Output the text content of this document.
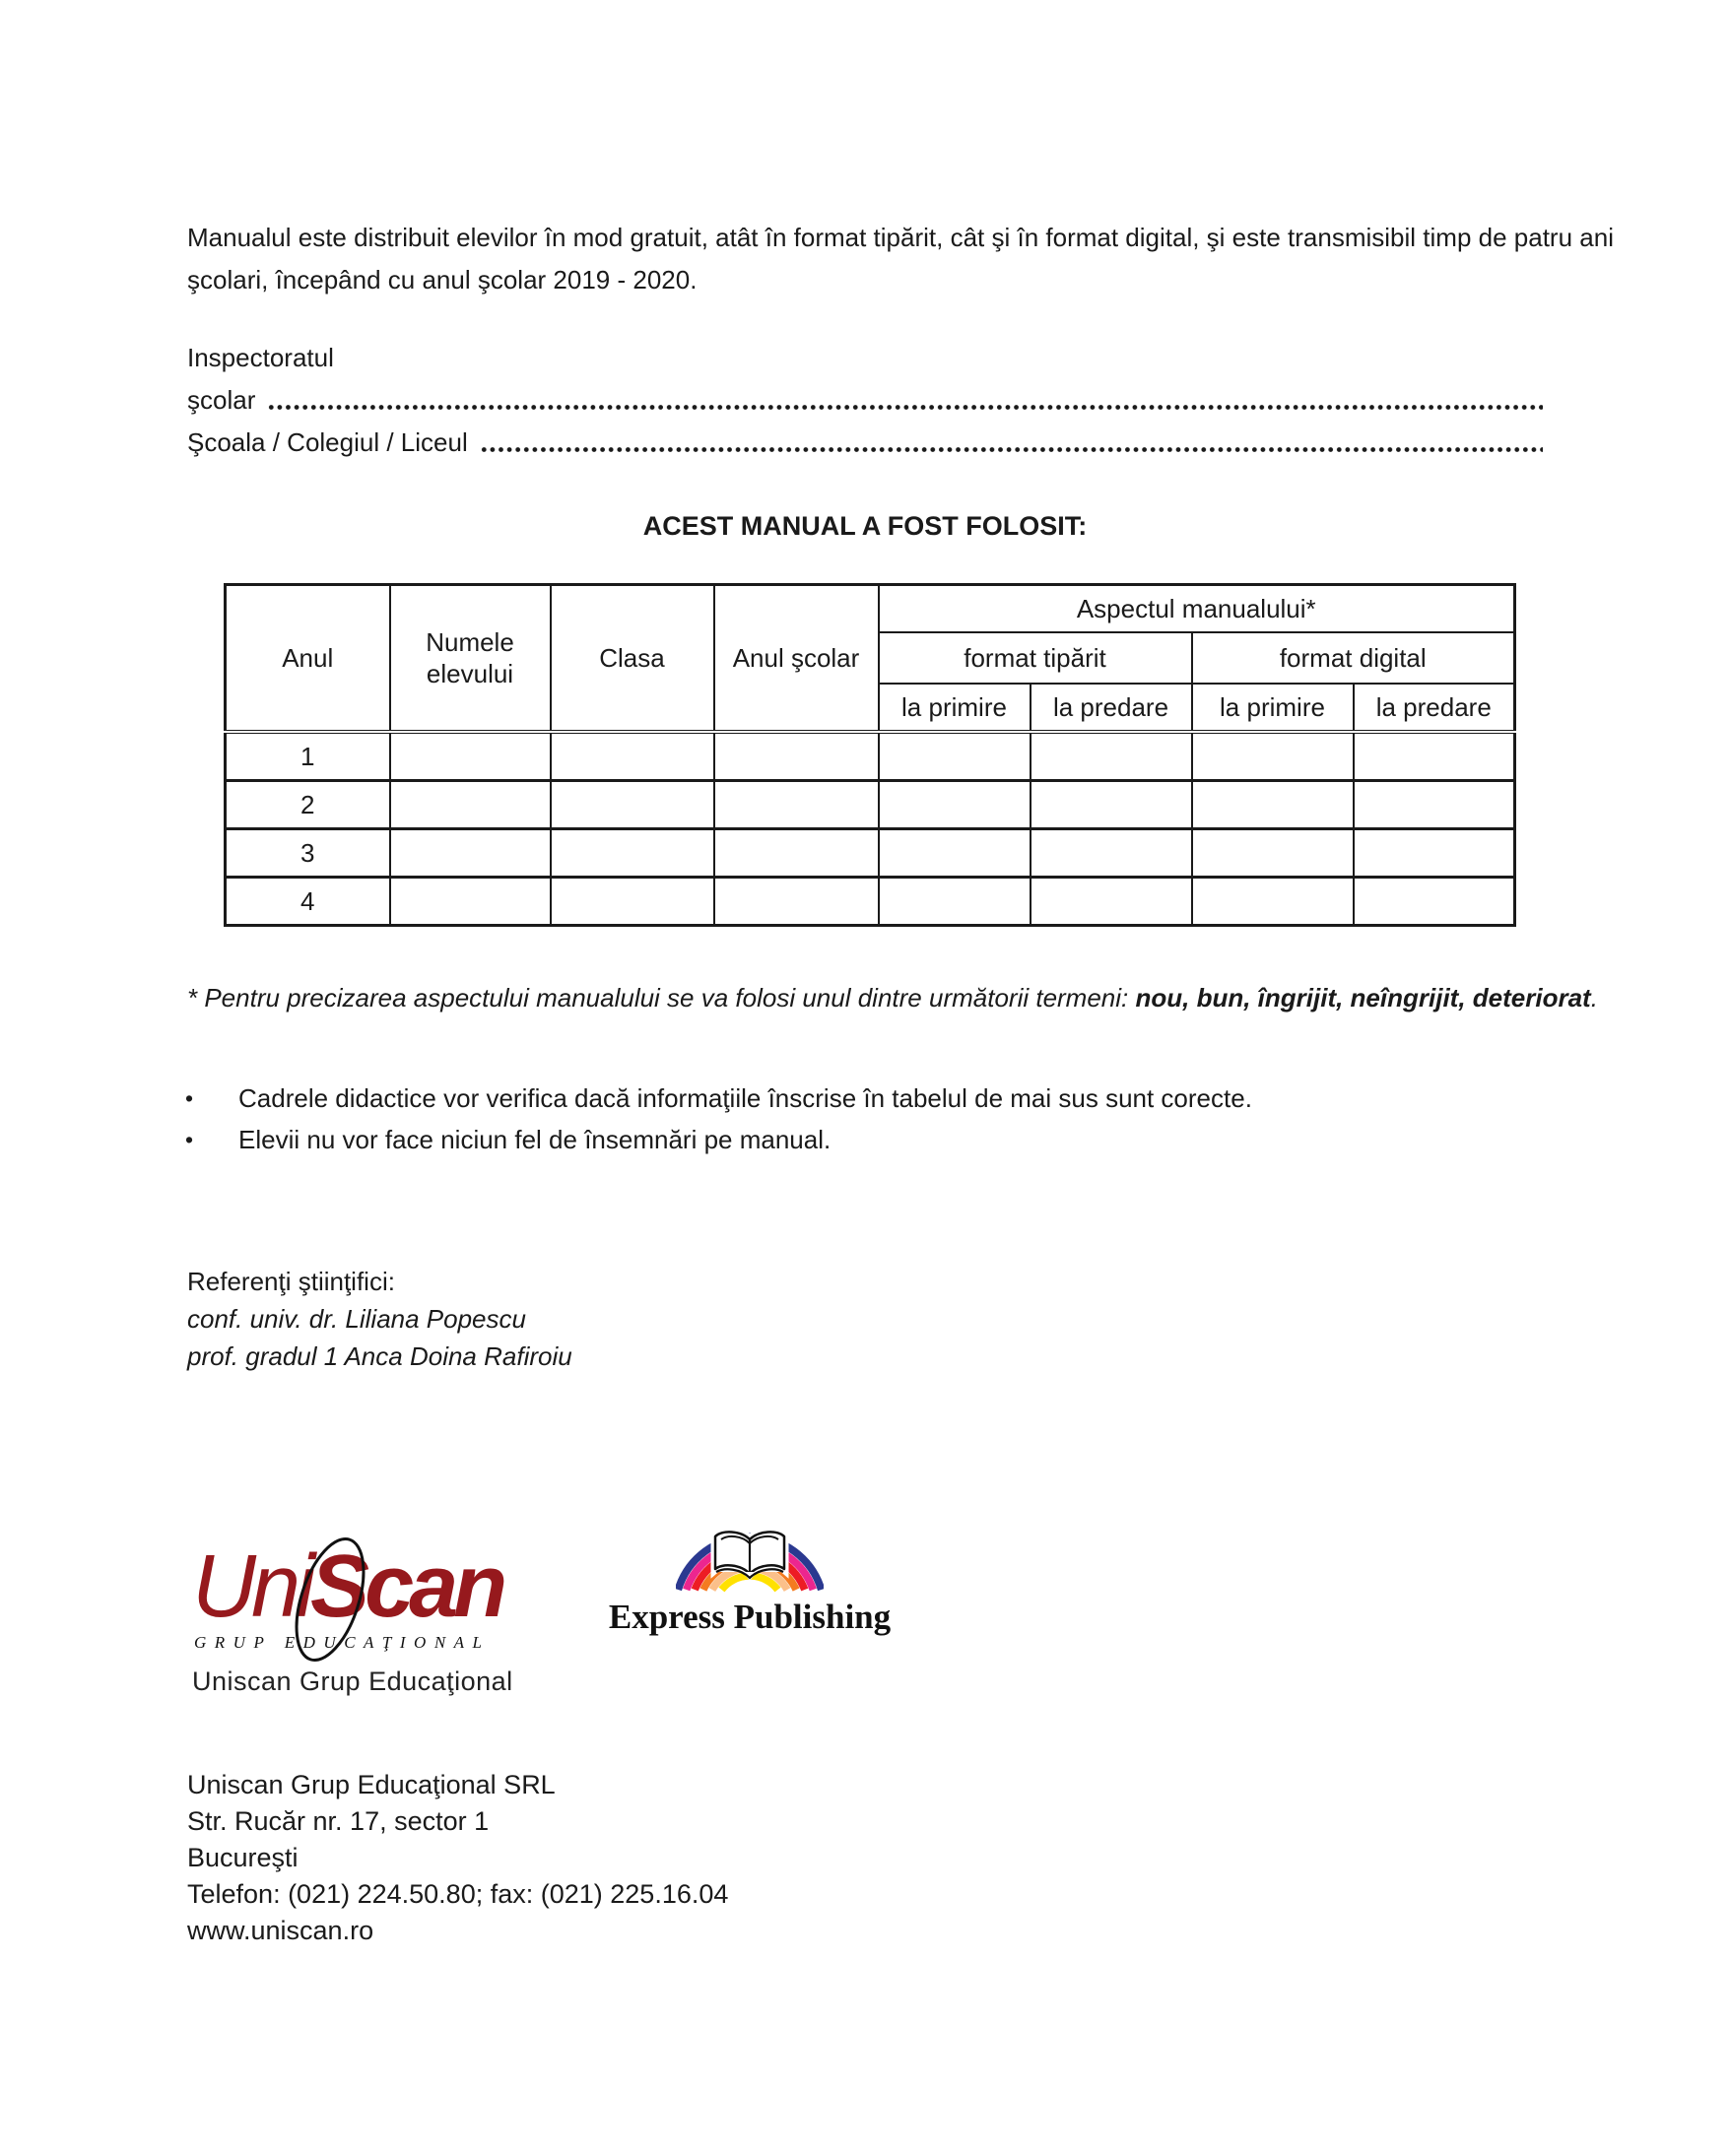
Manualul este distribuit elevilor în mod gratuit, atât în format tipărit, cât şi în format digital, şi este transmisibil timp de patru ani şcolari, începând cu anul şcolar 2019 - 2020.
Inspectoratul
şcolar
Şcoala / Colegiul / Liceul
ACEST MANUAL A FOST FOLOSIT:
Anul	Numele elevului	Clasa	Anul şcolar	Aspectul manualului*			
				format tipărit		format digital	
				la primire	la predare	la primire	la predare
1							
2							
3							
4							
* Pentru precizarea aspectului manualului se va folosi unul dintre următorii termeni: nou, bun, îngrijit, neîngrijit, deteriorat.
•	Cadrele didactice vor verifica dacă informaţiile înscrise în tabelul de mai sus sunt corecte.
•	Elevii nu vor face niciun fel de însemnări pe manual.
Referenţi ştiinţifici:
conf. univ. dr. Liliana Popescu
prof. gradul 1 Anca Doina Rafiroiu
UniScan
GRUP EDUCAŢIONAL
Uniscan Grup Educaţional
Express Publishing
Uniscan Grup Educaţional SRL
Str. Rucăr nr. 17, sector 1
Bucureşti
Telefon: (021) 224.50.80; fax: (021) 225.16.04
www.uniscan.ro
